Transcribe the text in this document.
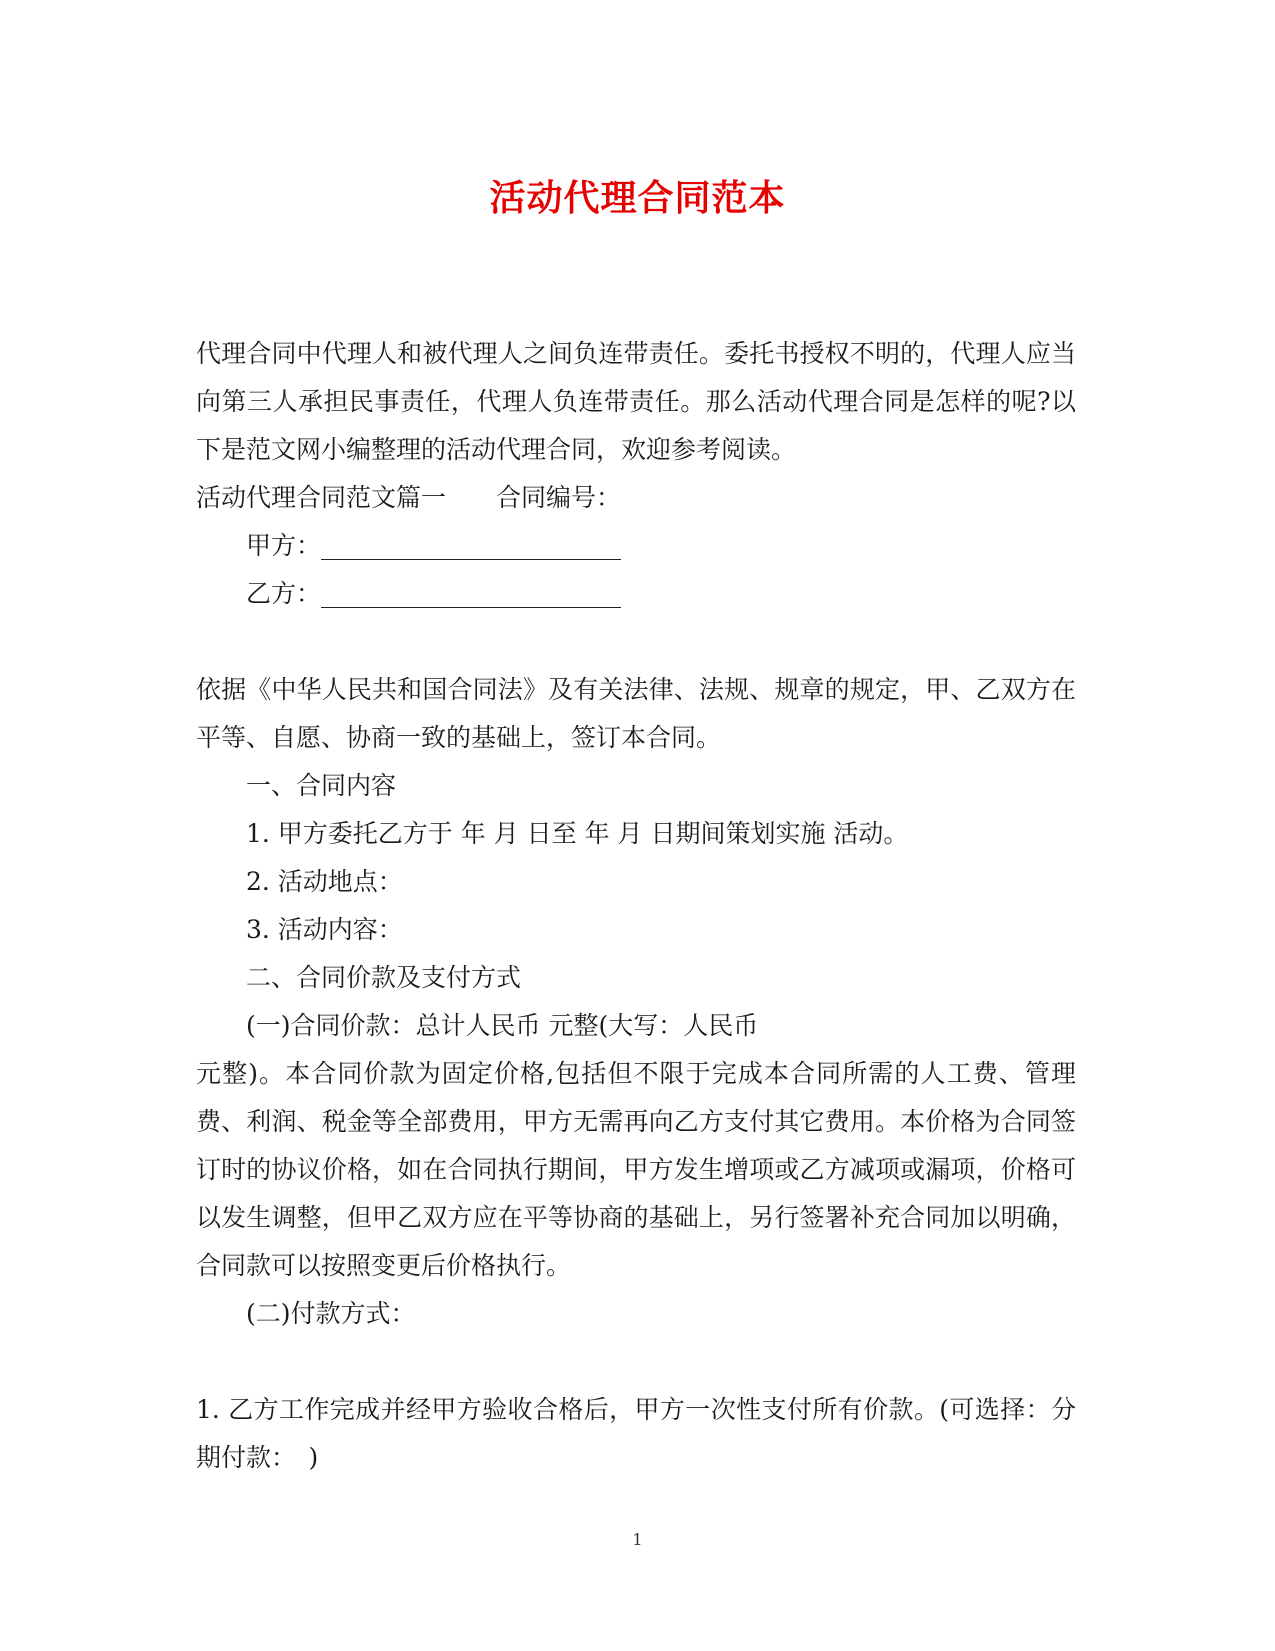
活动代理合同范本

代理合同中代理人和被代理人之间负连带责任。委托书授权不明的，代理人应当向第三人承担民事责任，代理人负连带责任。那么活动代理合同是怎样的呢?以下是范文网小编整理的活动代理合同，欢迎参考阅读。

活动代理合同范文篇一　　合同编号：

甲方：________________________

乙方：________________________

依据《中华人民共和国合同法》及有关法律、法规、规章的规定，甲、乙双方在平等、自愿、协商一致的基础上，签订本合同。

一、合同内容

1. 甲方委托乙方于 年 月 日至 年 月 日期间策划实施 活动。

2. 活动地点：

3. 活动内容：

二、合同价款及支付方式

(一)合同价款：总计人民币 元整(大写：人民币

元整)。本合同价款为固定价格,包括但不限于完成本合同所需的人工费、管理费、利润、税金等全部费用，甲方无需再向乙方支付其它费用。本价格为合同签订时的协议价格，如在合同执行期间，甲方发生增项或乙方减项或漏项，价格可以发生调整，但甲乙双方应在平等协商的基础上，另行签署补充合同加以明确，合同款可以按照变更后价格执行。

(二)付款方式：

1. 乙方工作完成并经甲方验收合格后，甲方一次性支付所有价款。(可选择：分期付款：　)

1
